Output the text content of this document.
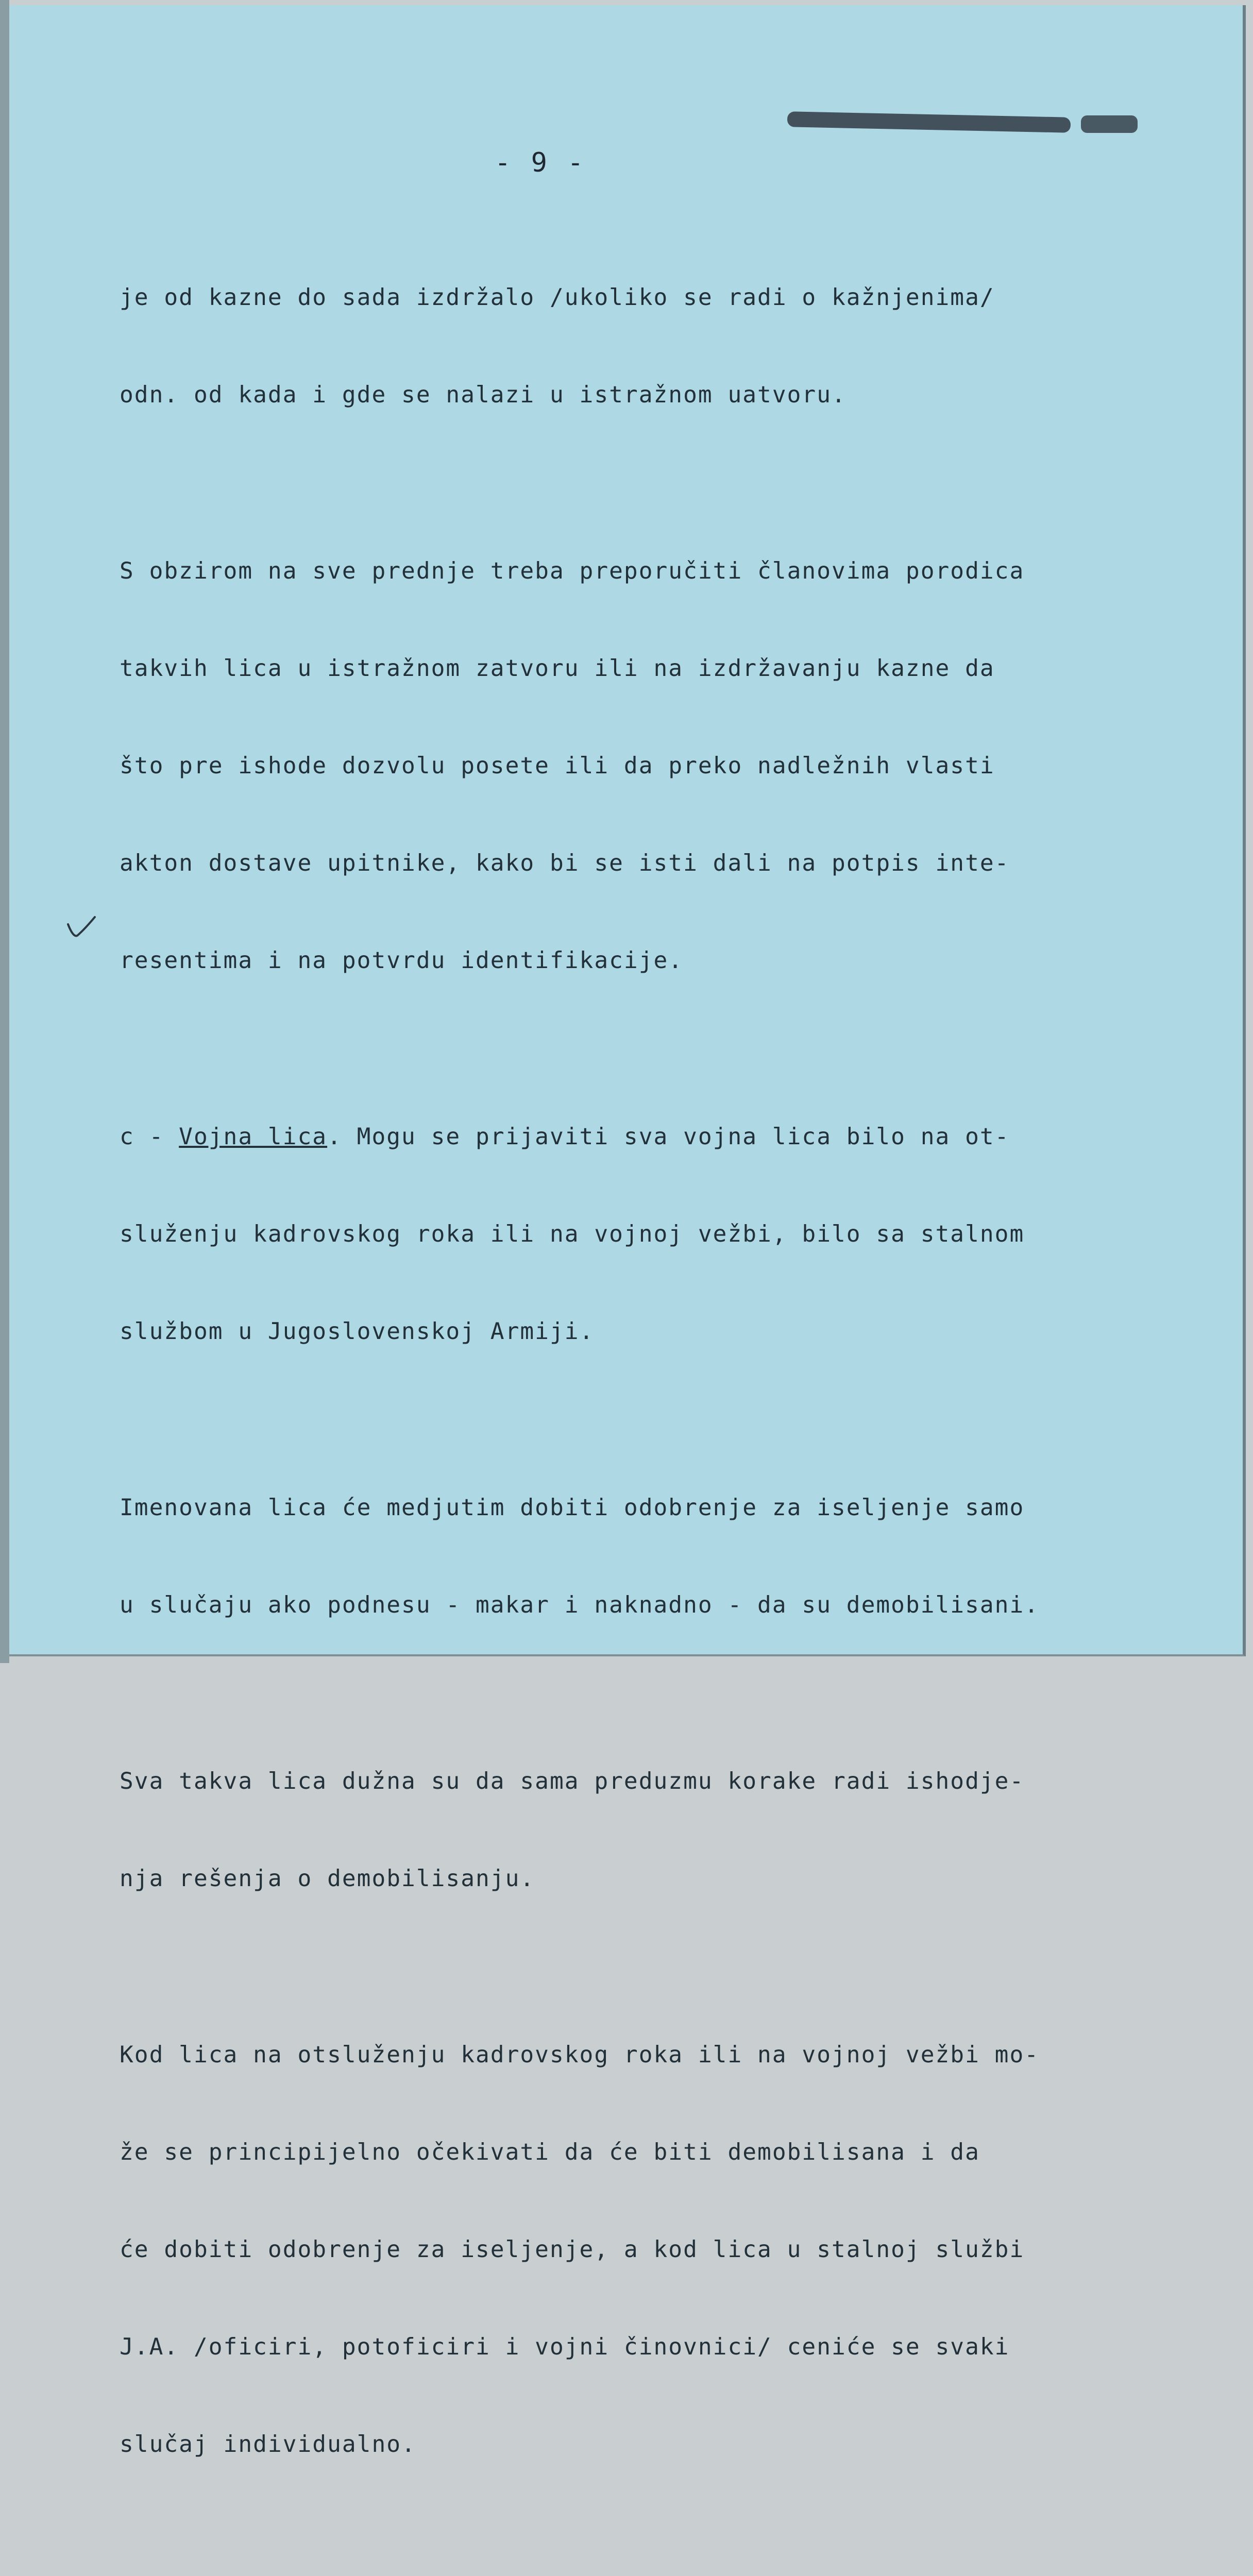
- 9 -

je od kazne do sada izdržalo /ukoliko se radi o kažnjenima/

odn. od kada i gde se nalazi u istražnom uatvoru.

S obzirom na sve prednje treba preporučiti članovima porodica

takvih lica u istražnom zatvoru ili na izdržavanju kazne da

što pre ishode dozvolu posete ili da preko nadležnih vlasti

akton dostave upitnike, kako bi se isti dali na potpis inte-

resentima i na potvrdu identifikacije.

c - Vojna lica. Mogu se prijaviti sva vojna lica bilo na ot-

služenju kadrovskog roka ili na vojnoj vežbi, bilo sa stalnom

službom u Jugoslovenskoj Armiji.

Imenovana lica će medjutim dobiti odobrenje za iseljenje samo

u slučaju ako podnesu - makar i naknadno - da su demobilisani.

Sva takva lica dužna su da sama preduzmu korake radi ishodje-

nja rešenja o demobilisanju.

Kod lica na otsluženju kadrovskog roka ili na vojnoj vežbi mo-

že se principijelno očekivati da će biti demobilisana i da

će dobiti odobrenje za iseljenje, a kod lica u stalnoj službi

J.A. /oficiri, potoficiri i vojni činovnici/ ceniće se svaki

slučaj individualno.
